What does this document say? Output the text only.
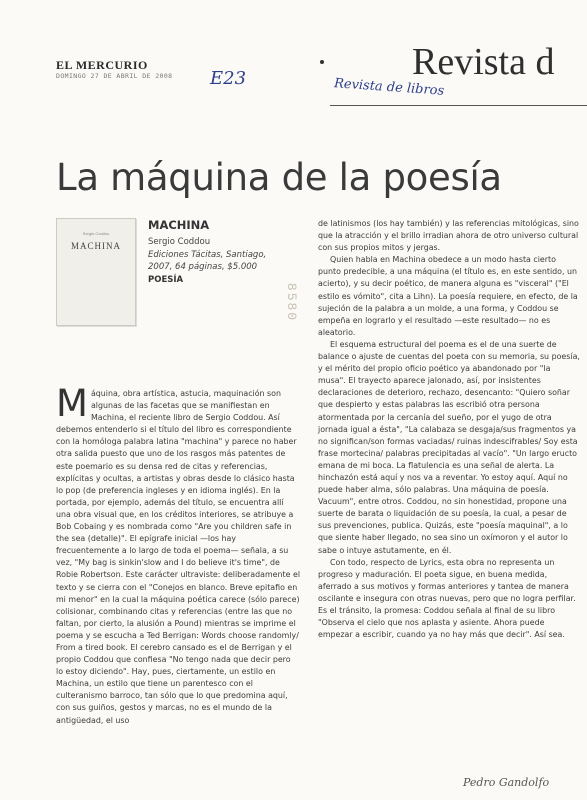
EL MERCURIO
DOMINGO 27 DE ABRIL DE 2008 E23	Revista d
Revista de libros
La máquina de la poesía
Sergio Coddou
MACHINA
MACHINA
Sergio Coddou
Ediciones Tácitas, Santiago,
2007, 64 páginas, $5.000
POESÍA
8580
M áquina, obra artística, astucia, maquinación son algunas de las facetas que se manifiestan en Machina, el reciente libro de Sergio Coddou. Así debemos entenderlo si el título del libro es correspondiente con la homóloga palabra latina "machina" y parece no haber otra salida puesto que uno de los rasgos más patentes de este poemario es su densa red de citas y referencias, explícitas y ocultas, a artistas y obras desde lo clásico hasta lo pop (de preferencia ingleses y en idioma inglés). En la portada, por ejemplo, además del título, se encuentra allí una obra visual que, en los créditos interiores, se atribuye a Bob Cobaing y es nombrada como "Are you children safe in the sea (detalle)". El epígrafe inicial —los hay frecuentemente a lo largo de toda el poema— señala, a su vez, "My bag is sinkin'slow and I do believe it's time", de Robie Robertson. Este carácter ultraviste: deliberadamente el texto y se cierra con el "Conejos en blanco. Breve epitafio en mi menor" en la cual la máquina poética carece (sólo parece) colisionar, combinando citas y referencias (entre las que no faltan, por cierto, la alusión a Pound) mientras se imprime el poema y se escucha a Ted Berrigan: Words choose randomly/ From a tired book. El cerebro cansado es el de Berrigan y el propio Coddou que confiesa "No tengo nada que decir pero lo estoy diciendo". Hay, pues, ciertamente, un estilo en Machina, un estilo que tiene un parentesco con el culteranismo barroco, tan sólo que lo que predomina aquí, con sus guiños, gestos y marcas, no es el mundo de la antigüedad, el uso

de latinismos (los hay también) y las referencias mitológicas, sino que la atracción y el brillo irradian ahora de otro universo cultural con sus propios mitos y jergas.

Quien habla en Machina obedece a un modo hasta cierto punto predecible, a una máquina (el título es, en este sentido, un acierto), y su decir poético, de manera alguna es "visceral" ("El estilo es vómito", cita a Lihn). La poesía requiere, en efecto, de la sujeción de la palabra a un molde, a una forma, y Coddou se empeña en lograrlo y el resultado —este resultado— no es aleatorio.

El esquema estructural del poema es el de una suerte de balance o ajuste de cuentas del poeta con su memoria, su poesía, y el mérito del propio oficio poético ya abandonado por "la musa". El trayecto aparece jalonado, así, por insistentes declaraciones de deterioro, rechazo, desencanto: "Quiero soñar que despierto y estas palabras las escribió otra persona atormentada por la cercanía del sueño, por el yugo de otra jornada igual a ésta", "La calabaza se desgaja/sus fragmentos ya no significan/son formas vaciadas/ ruinas indescifrables/ Soy esta frase mortecina/ palabras precipitadas al vacío". "Un largo eructo emana de mi boca. La flatulencia es una señal de alerta. La hinchazón está aquí y nos va a reventar. Yo estoy aquí. Aquí no puede haber alma, sólo palabras. Una máquina de poesía. Vacuum", entre otros. Coddou, no sin honestidad, propone una suerte de barata o liquidación de su poesía, la cual, a pesar de sus prevenciones, publica. Quizás, este "poesía maquinal", a lo que siente haber llegado, no sea sino un oxímoron y el autor lo sabe o intuye astutamente, en él.

Con todo, respecto de Lyrics, esta obra no representa un progreso y maduración. El poeta sigue, en buena medida, aferrado a sus motivos y formas anteriores y tantea de manera oscilante e insegura con otras nuevas, pero que no logra perfilar. Es el tránsito, la promesa: Coddou señala al final de su libro "Observa el cielo que nos aplasta y asiente. Ahora puede empezar a escribir, cuando ya no hay más que decir". Así sea.

Pedro Gandolfo
